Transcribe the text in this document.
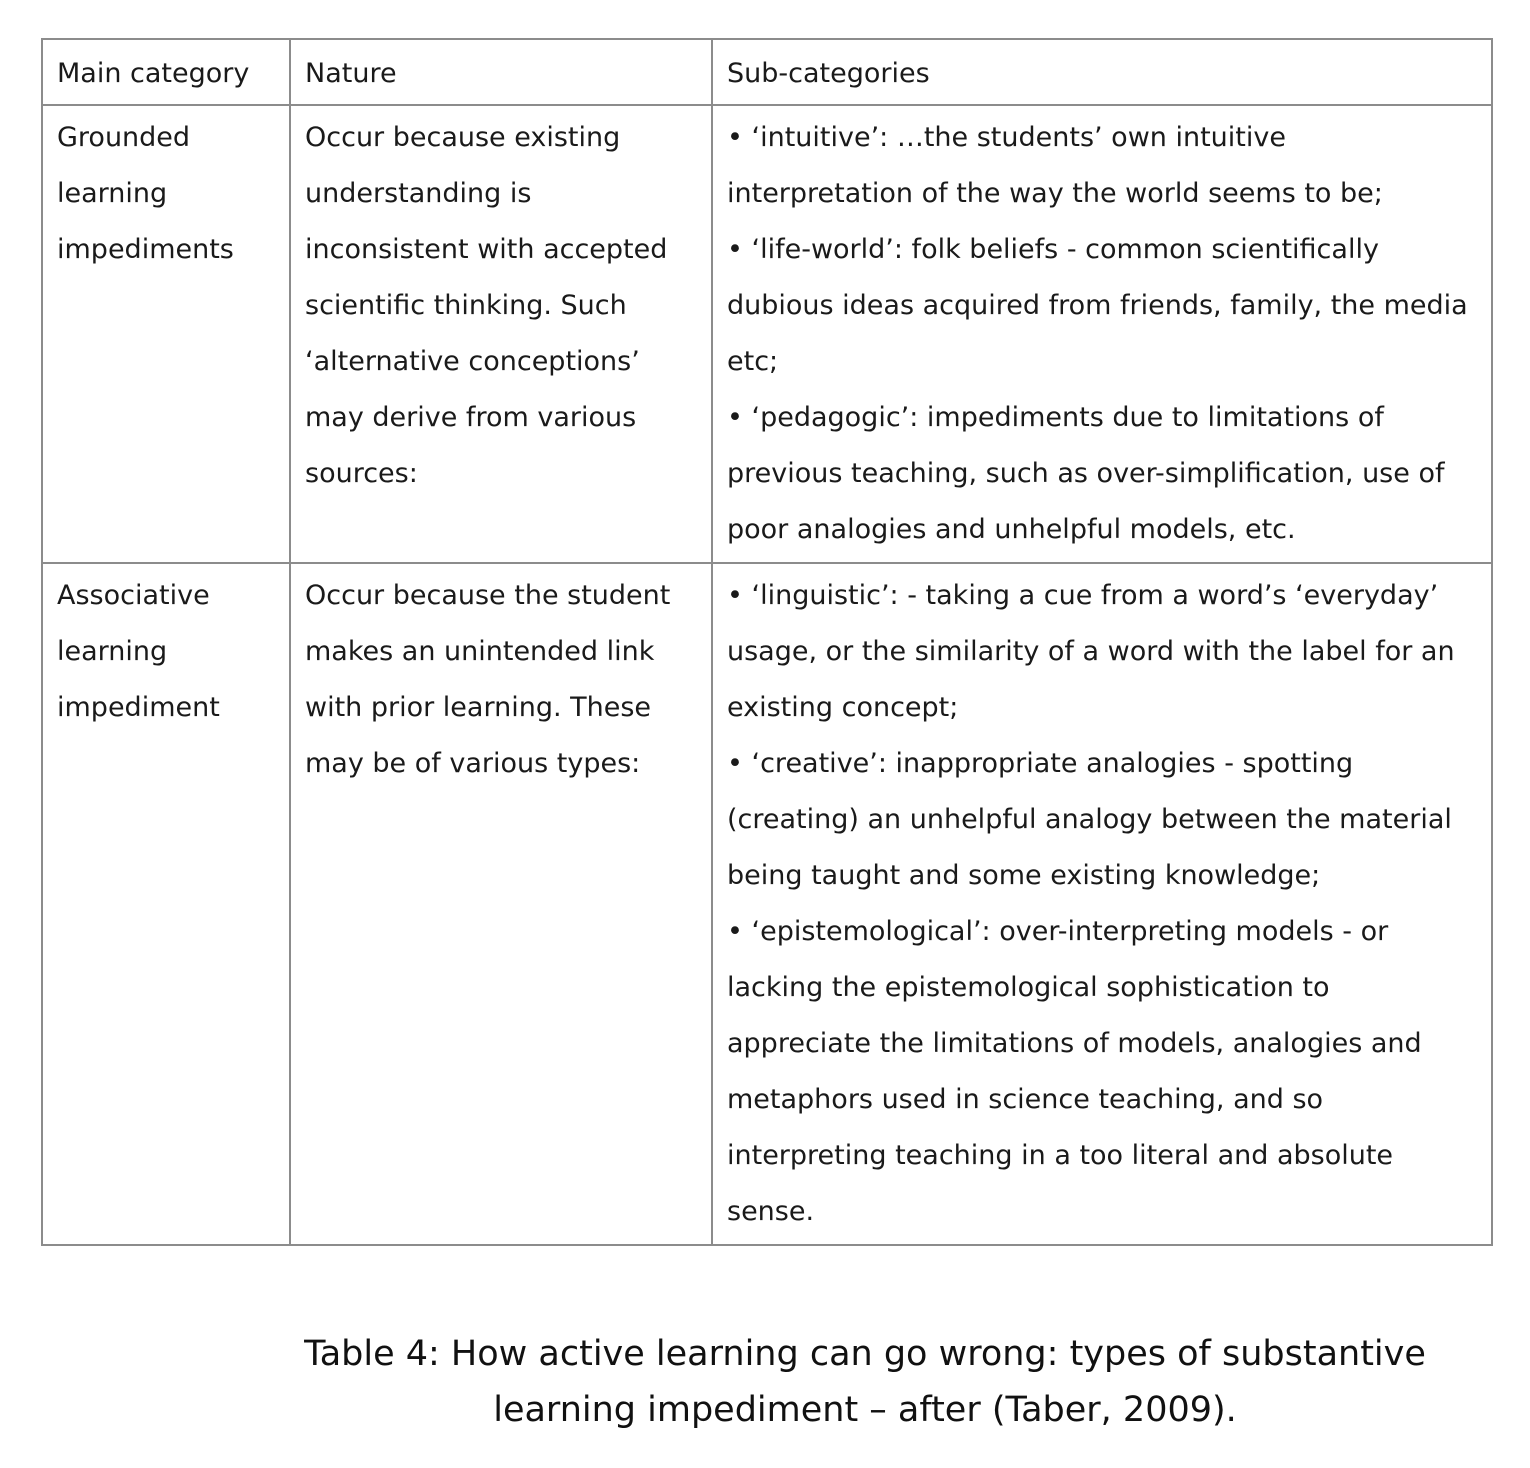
Main category	Nature	Sub-categories
Grounded learning impediments	Occur because existing understanding is inconsistent with accepted scientific thinking. Such ‘alternative conceptions’ may derive from various sources:	• ‘intuitive’: …the students’ own intuitive interpretation of the way the world seems to be;
• ‘life-world’: folk beliefs - common scientifically dubious ideas acquired from friends, family, the media etc;
• ‘pedagogic’: impediments due to limitations of previous teaching, such as over-simplification, use of poor analogies and unhelpful models, etc.

Associative learning impediment	Occur because the student makes an unintended link with prior learning. These may be of various types:	• ‘linguistic’: - taking a cue from a word’s ‘everyday’ usage, or the similarity of a word with the label for an existing concept;
• ‘creative’: inappropriate analogies - spotting (creating) an unhelpful analogy between the material being taught and some existing knowledge;
• ‘epistemological’: over-interpreting models - or lacking the epistemological sophistication to appreciate the limitations of models, analogies and metaphors used in science teaching, and so interpreting teaching in a too literal and absolute sense.
Table 4: How active learning can go wrong: types of substantive learning impediment – after (Taber, 2009).
